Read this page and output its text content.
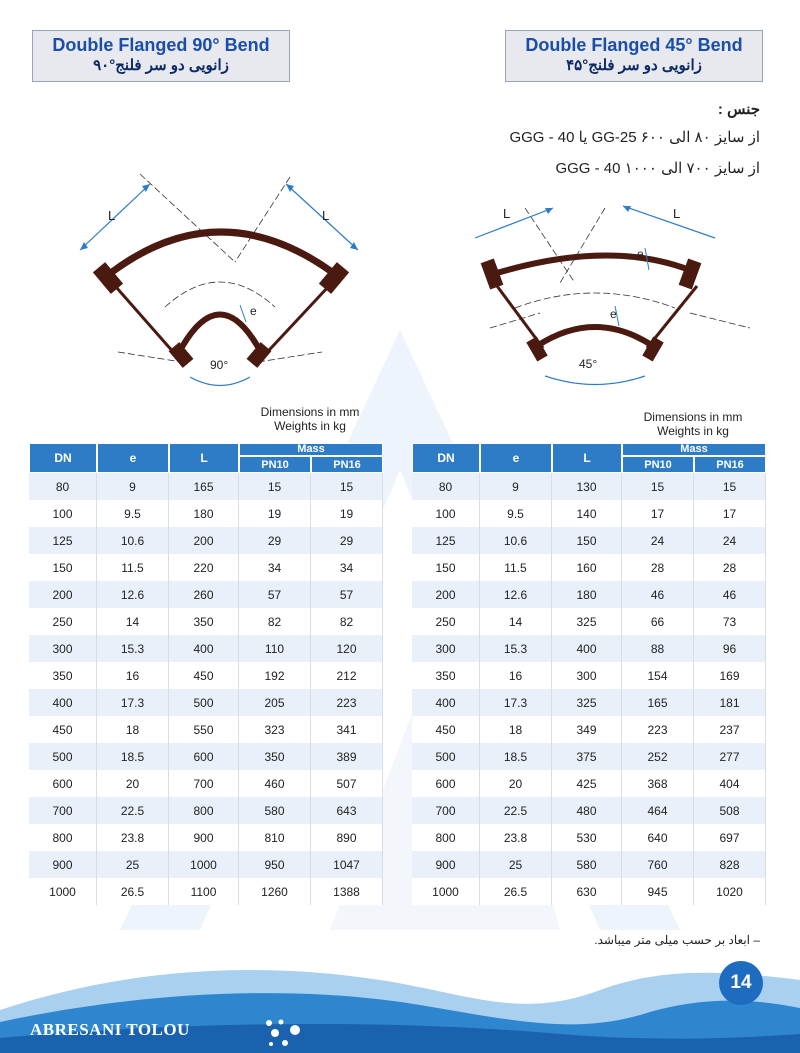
Double Flanged 90° Bend
زانویی دو سر فلنج°۹۰
Double Flanged 45° Bend
زانویی دو سر فلنج°۴۵
جنس :
از سایز ۸۰ الی ۶۰۰ GG-25 یا GGG - 40
از سایز ۷۰۰ الی ۱۰۰۰ GGG - 40
L	L
e
90°
L	L
e
e
45°
Dimensions in mm
Weights in kg
Dimensions in mm
Weights in kg
DN	e	L	Mass	
			PN10	PN16
80	9	165	15	15
100	9.5	180	19	19
125	10.6	200	29	29
150	11.5	220	34	34
200	12.6	260	57	57
250	14	350	82	82
300	15.3	400	110	120
350	16	450	192	212
400	17.3	500	205	223
450	18	550	323	341
500	18.5	600	350	389
600	20	700	460	507
700	22.5	800	580	643
800	23.8	900	810	890
900	25	1000	950	1047
1000	26.5	1100	1260	1388
DN	e	L	Mass	
			PN10	PN16
80	9	130	15	15
100	9.5	140	17	17
125	10.6	150	24	24
150	11.5	160	28	28
200	12.6	180	46	46
250	14	325	66	73
300	15.3	400	88	96
350	16	300	154	169
400	17.3	325	165	181
450	18	349	223	237
500	18.5	375	252	277
600	20	425	368	404
700	22.5	480	464	508
800	23.8	530	640	697
900	25	580	760	828
1000	26.5	630	945	1020
– ابعاد بر حسب میلی متر میباشد.
14
ABRESANI TOLOU
